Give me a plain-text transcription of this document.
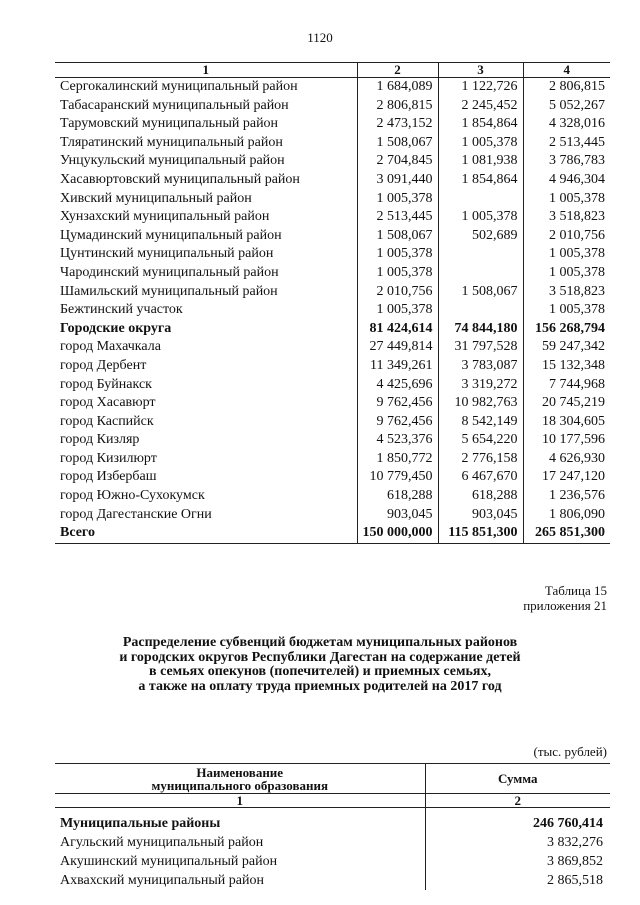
1120
1	2	3	4
Сергокалинский муниципальный район	1 684,089	1 122,726	2 806,815
Табасаранский муниципальный район	2 806,815	2 245,452	5 052,267
Тарумовский муниципальный район	2 473,152	1 854,864	4 328,016
Тляратинский муниципальный район	1 508,067	1 005,378	2 513,445
Унцукульский муниципальный район	2 704,845	1 081,938	3 786,783
Хасавюртовский муниципальный район	3 091,440	1 854,864	4 946,304
Хивский муниципальный район	1 005,378		1 005,378
Хунзахский муниципальный район	2 513,445	1 005,378	3 518,823
Цумадинский муниципальный район	1 508,067	502,689	2 010,756
Цунтинский муниципальный район	1 005,378		1 005,378
Чародинский муниципальный район	1 005,378		1 005,378
Шамильский муниципальный район	2 010,756	1 508,067	3 518,823
Бежтинский участок	1 005,378		1 005,378
Городские округа	81 424,614	74 844,180	156 268,794
город Махачкала	27 449,814	31 797,528	59 247,342
город Дербент	11 349,261	3 783,087	15 132,348
город Буйнакск	4 425,696	3 319,272	7 744,968
город Хасавюрт	9 762,456	10 982,763	20 745,219
город Каспийск	9 762,456	8 542,149	18 304,605
город Кизляр	4 523,376	5 654,220	10 177,596
город Кизилюрт	1 850,772	2 776,158	4 626,930
город Избербаш	10 779,450	6 467,670	17 247,120
город Южно-Сухокумск	618,288	618,288	1 236,576
город Дагестанские Огни	903,045	903,045	1 806,090
Всего	150 000,000	115 851,300	265 851,300
Таблица 15
приложения 21
Распределение субвенций бюджетам муниципальных районов
и городских округов Республики Дагестан на содержание детей
в семьях опекунов (попечителей) и приемных семьях,
а также на оплату труда приемных родителей на 2017 год
(тыс. рублей)
Наименование
муниципального образования	Сумма
1	2

Муниципальные районы	246 760,414
Агульский муниципальный район	3 832,276
Акушинский муниципальный район	3 869,852
Ахвахский муниципальный район	2 865,518
